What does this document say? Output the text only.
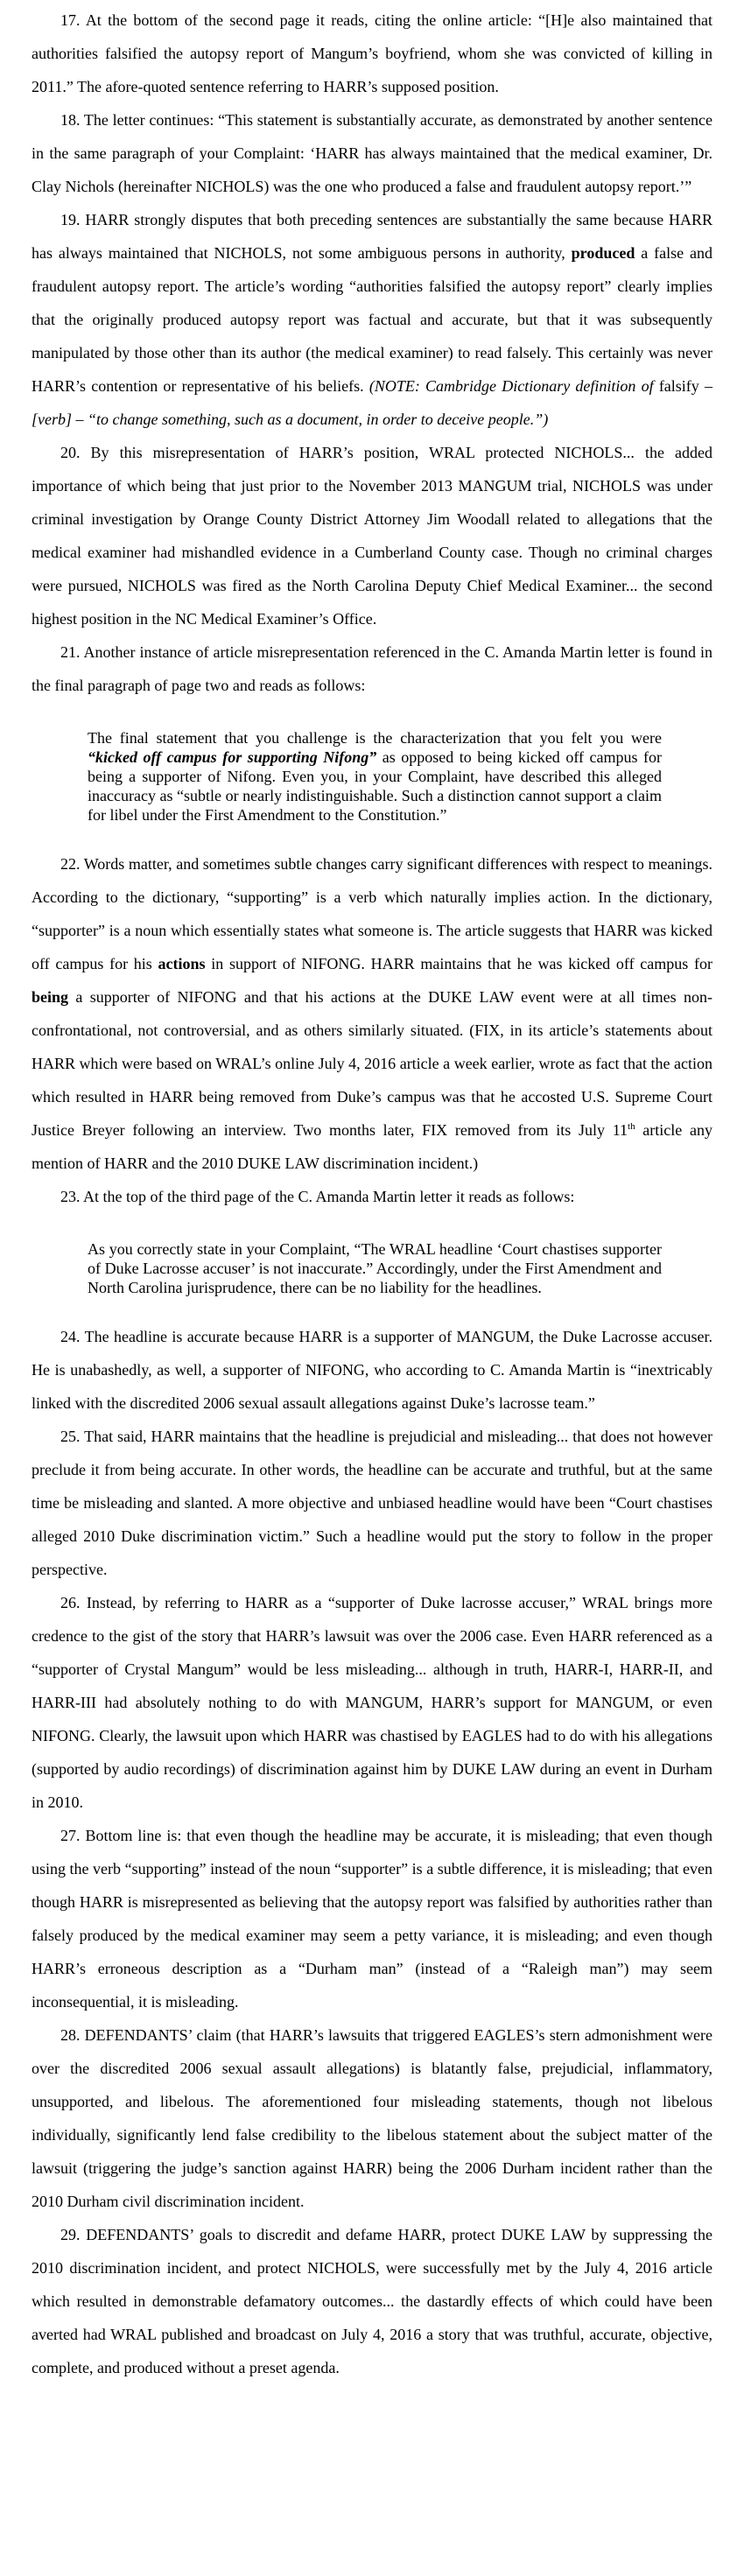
17. At the bottom of the second page it reads, citing the online article: “[H]e also maintained that authorities falsified the autopsy report of Mangum’s boyfriend, whom she was convicted of killing in 2011.” The afore-quoted sentence referring to HARR’s supposed position.

18. The letter continues: “This statement is substantially accurate, as demonstrated by another sentence in the same paragraph of your Complaint: ‘HARR has always maintained that the medical examiner, Dr. Clay Nichols (hereinafter NICHOLS) was the one who produced a false and fraudulent autopsy report.’”

19. HARR strongly disputes that both preceding sentences are substantially the same because HARR has always maintained that NICHOLS, not some ambiguous persons in authority, produced a false and fraudulent autopsy report. The article’s wording “authorities falsified the autopsy report” clearly implies that the originally produced autopsy report was factual and accurate, but that it was subsequently manipulated by those other than its author (the medical examiner) to read falsely. This certainly was never HARR’s contention or representative of his beliefs. (NOTE: Cambridge Dictionary definition of falsify – [verb] – “to change something, such as a document, in order to deceive people.”)

20. By this misrepresentation of HARR’s position, WRAL protected NICHOLS... the added importance of which being that just prior to the November 2013 MANGUM trial, NICHOLS was under criminal investigation by Orange County District Attorney Jim Woodall related to allegations that the medical examiner had mishandled evidence in a Cumberland County case. Though no criminal charges were pursued, NICHOLS was fired as the North Carolina Deputy Chief Medical Examiner... the second highest position in the NC Medical Examiner’s Office.

21. Another instance of article misrepresentation referenced in the C. Amanda Martin letter is found in the final paragraph of page two and reads as follows:

The final statement that you challenge is the characterization that you felt you were “kicked off campus for supporting Nifong” as opposed to being kicked off campus for being a supporter of Nifong. Even you, in your Complaint, have described this alleged inaccuracy as “subtle or nearly indistinguishable. Such a distinction cannot support a claim for libel under the First Amendment to the Constitution.”

22. Words matter, and sometimes subtle changes carry significant differences with respect to meanings. According to the dictionary, “supporting” is a verb which naturally implies action. In the dictionary, “supporter” is a noun which essentially states what someone is. The article suggests that HARR was kicked off campus for his actions in support of NIFONG. HARR maintains that he was kicked off campus for being a supporter of NIFONG and that his actions at the DUKE LAW event were at all times non-confrontational, not controversial, and as others similarly situated. (FIX, in its article’s statements about HARR which were based on WRAL’s online July 4, 2016 article a week earlier, wrote as fact that the action which resulted in HARR being removed from Duke’s campus was that he accosted U.S. Supreme Court Justice Breyer following an interview. Two months later, FIX removed from its July 11th article any mention of HARR and the 2010 DUKE LAW discrimination incident.)

23. At the top of the third page of the C. Amanda Martin letter it reads as follows:

As you correctly state in your Complaint, “The WRAL headline ‘Court chastises supporter of Duke Lacrosse accuser’ is not inaccurate.” Accordingly, under the First Amendment and North Carolina jurisprudence, there can be no liability for the headlines.

24. The headline is accurate because HARR is a supporter of MANGUM, the Duke Lacrosse accuser. He is unabashedly, as well, a supporter of NIFONG, who according to C. Amanda Martin is “inextricably linked with the discredited 2006 sexual assault allegations against Duke’s lacrosse team.”

25. That said, HARR maintains that the headline is prejudicial and misleading... that does not however preclude it from being accurate. In other words, the headline can be accurate and truthful, but at the same time be misleading and slanted. A more objective and unbiased headline would have been “Court chastises alleged 2010 Duke discrimination victim.” Such a headline would put the story to follow in the proper perspective.

26. Instead, by referring to HARR as a “supporter of Duke lacrosse accuser,” WRAL brings more credence to the gist of the story that HARR’s lawsuit was over the 2006 case. Even HARR referenced as a “supporter of Crystal Mangum” would be less misleading... although in truth, HARR-I, HARR-II, and HARR-III had absolutely nothing to do with MANGUM, HARR’s support for MANGUM, or even NIFONG. Clearly, the lawsuit upon which HARR was chastised by EAGLES had to do with his allegations (supported by audio recordings) of discrimination against him by DUKE LAW during an event in Durham in 2010.

27. Bottom line is: that even though the headline may be accurate, it is misleading; that even though using the verb “supporting” instead of the noun “supporter” is a subtle difference, it is misleading; that even though HARR is misrepresented as believing that the autopsy report was falsified by authorities rather than falsely produced by the medical examiner may seem a petty variance, it is misleading; and even though HARR’s erroneous description as a “Durham man” (instead of a “Raleigh man”) may seem inconsequential, it is misleading.

28. DEFENDANTS’ claim (that HARR’s lawsuits that triggered EAGLES’s stern admonishment were over the discredited 2006 sexual assault allegations) is blatantly false, prejudicial, inflammatory, unsupported, and libelous. The aforementioned four misleading statements, though not libelous individually, significantly lend false credibility to the libelous statement about the subject matter of the lawsuit (triggering the judge’s sanction against HARR) being the 2006 Durham incident rather than the 2010 Durham civil discrimination incident.

29. DEFENDANTS’ goals to discredit and defame HARR, protect DUKE LAW by suppressing the 2010 discrimination incident, and protect NICHOLS, were successfully met by the July 4, 2016 article which resulted in demonstrable defamatory outcomes... the dastardly effects of which could have been averted had WRAL published and broadcast on July 4, 2016 a story that was truthful, accurate, objective, complete, and produced without a preset agenda.
